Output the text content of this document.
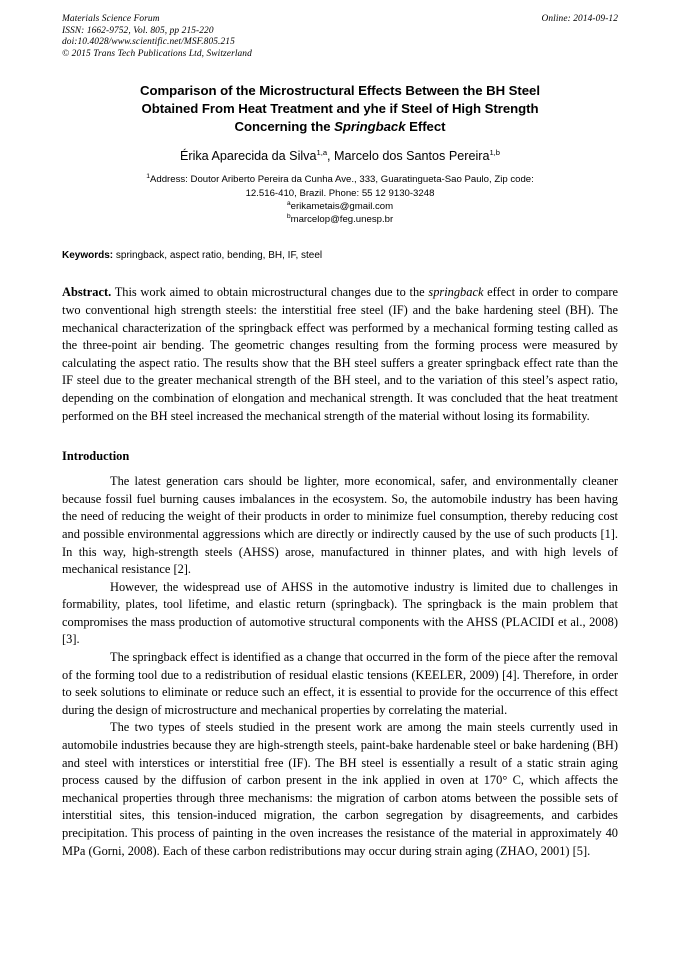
Materials Science Forum
ISSN: 1662-9752, Vol. 805, pp 215-220
doi:10.4028/www.scientific.net/MSF.805.215
© 2015 Trans Tech Publications Ltd, Switzerland
Online: 2014-09-12
Comparison of the Microstructural Effects Between the BH Steel
Obtained From Heat Treatment and yhe if Steel of High Strength
Concerning the Springback Effect
Érika Aparecida da Silva$^{1,a}$, Marcelo dos Santos Pereira$^{1,b}$
$^1$Address: Doutor Ariberto Pereira da Cunha Ave., 333, Guaratingueta-Sao Paulo, Zip code:
12.516-410, Brazil. Phone: 55 12 9130-3248
$^a$erikametais@gmail.com
$^b$marcelop@feg.unesp.br
Keywords: springback, aspect ratio, bending, BH, IF, steel
Abstract. This work aimed to obtain microstructural changes due to the springback effect in order to compare two conventional high strength steels: the interstitial free steel (IF) and the bake hardening steel (BH). The mechanical characterization of the springback effect was performed by a mechanical forming testing called as the three-point air bending. The geometric changes resulting from the forming process were measured by calculating the aspect ratio. The results show that the BH steel suffers a greater springback effect rate than the IF steel due to the greater mechanical strength of the BH steel, and to the variation of this steel’s aspect ratio, depending on the combination of elongation and mechanical strength. It was concluded that the heat treatment performed on the BH steel increased the mechanical strength of the material without losing its formability.
Introduction

The latest generation cars should be lighter, more economical, safer, and environmentally cleaner because fossil fuel burning causes imbalances in the ecosystem. So, the automobile industry has been having the need of reducing the weight of their products in order to minimize fuel consumption, thereby reducing cost and possible environmental aggressions which are directly or indirectly caused by the use of such products [1]. In this way, high-strength steels (AHSS) arose, manufactured in thinner plates, and with high levels of mechanical resistance [2].

However, the widespread use of AHSS in the automotive industry is limited due to challenges in formability, plates, tool lifetime, and elastic return (springback). The springback is the main problem that compromises the mass production of automotive structural components with the AHSS (PLACIDI et al., 2008) [3].

The springback effect is identified as a change that occurred in the form of the piece after the removal of the forming tool due to a redistribution of residual elastic tensions (KEELER, 2009) [4]. Therefore, in order to seek solutions to eliminate or reduce such an effect, it is essential to provide for the occurrence of this effect during the design of microstructure and mechanical properties by correlating the material.

The two types of steels studied in the present work are among the main steels currently used in automobile industries because they are high-strength steels, paint-bake hardenable steel or bake hardening (BH) and steel with interstices or interstitial free (IF). The BH steel is essentially a result of a static strain aging process caused by the diffusion of carbon present in the ink applied in oven at 170° C, which affects the mechanical properties through three mechanisms: the migration of carbon atoms between the possible sets of interstitial sites, this tension-induced migration, the carbon segregation by disagreements, and carbides precipitation. This process of painting in the oven increases the resistance of the material in approximately 40 MPa (Gorni, 2008). Each of these carbon redistributions may occur during strain aging (ZHAO, 2001) [5].
